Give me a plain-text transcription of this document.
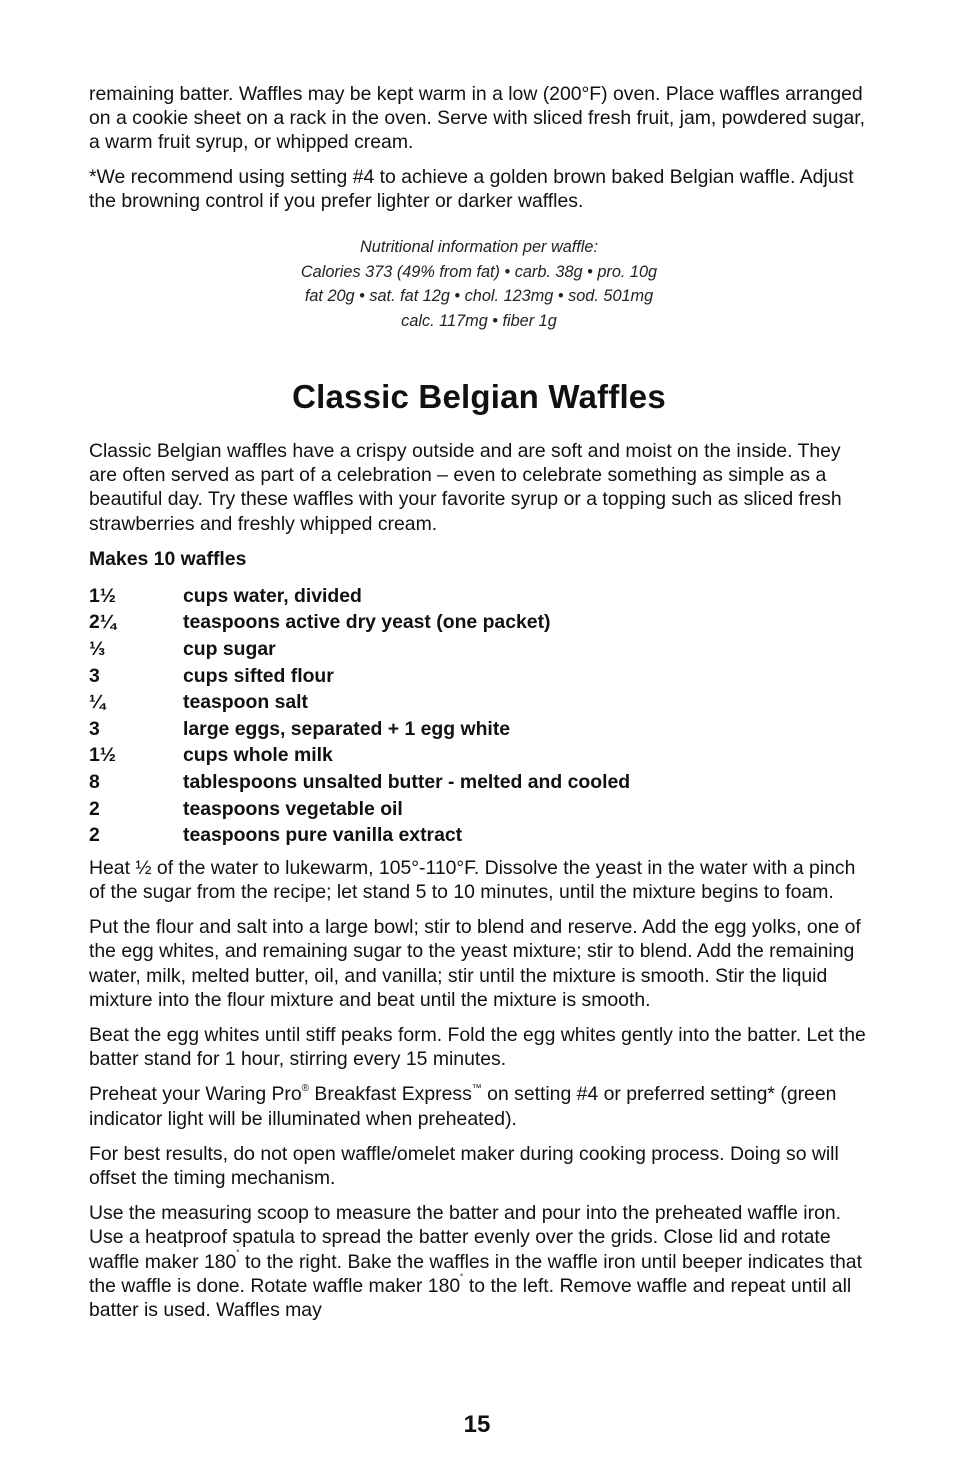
remaining batter. Waffles may be kept warm in a low (200°F) oven. Place waffles arranged on a cookie sheet on a rack in the oven. Serve with sliced fresh fruit, jam, powdered sugar, a warm fruit syrup, or whipped cream.

*We recommend using setting #4 to achieve a golden brown baked Belgian waffle. Adjust the browning control if you prefer lighter or darker waffles.

Nutritional information per waffle:
Calories 373 (49% from fat) • carb. 38g • pro. 10g
fat 20g • sat. fat 12g • chol. 123mg • sod. 501mg
calc. 117mg • fiber 1g
Classic Belgian Waffles

Classic Belgian waffles have a crispy outside and are soft and moist on the inside. They are often served as part of a celebration – even to celebrate something as simple as a beautiful day. Try these waffles with your favorite syrup or a topping such as sliced fresh strawberries and freshly whipped cream.

Makes 10 waffles

1½	cups water, divided
2¼	teaspoons active dry yeast (one packet)
⅓	cup sugar
3	cups sifted flour
¼	teaspoon salt
3	large eggs, separated + 1 egg white
1½	cups whole milk
8	tablespoons unsalted butter - melted and cooled
2	teaspoons vegetable oil
2	teaspoons pure vanilla extract

Heat ½ of the water to lukewarm, 105°-110°F. Dissolve the yeast in the water with a pinch of the sugar from the recipe; let stand 5 to 10 minutes, until the mixture begins to foam.

Put the flour and salt into a large bowl; stir to blend and reserve. Add the egg yolks, one of the egg whites, and remaining sugar to the yeast mixture; stir to blend. Add the remaining water, milk, melted butter, oil, and vanilla; stir until the mixture is smooth. Stir the liquid mixture into the flour mixture and beat until the mixture is smooth.

Beat the egg whites until stiff peaks form. Fold the egg whites gently into the batter. Let the batter stand for 1 hour, stirring every 15 minutes.

Preheat your Waring Pro® Breakfast Express™ on setting #4 or preferred setting* (green indicator light will be illuminated when preheated).

For best results, do not open waffle/omelet maker during cooking process. Doing so will offset the timing mechanism.

Use the measuring scoop to measure the batter and pour into the preheated waffle iron. Use a heatproof spatula to spread the batter evenly over the grids. Close lid and rotate waffle maker 180˚ to the right. Bake the waffles in the waffle iron until beeper indicates that the waffle is done. Rotate waffle maker 180˚ to the left. Remove waffle and repeat until all batter is used. Waffles may

15
